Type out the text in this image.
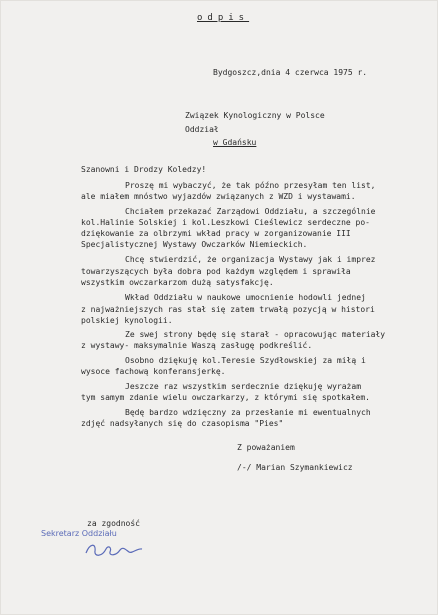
odpis
Bydgoszcz,dnia 4 czerwca 1975 r.
Związek Kynologiczny w Polsce
Oddział
w Gdańsku
Szanowni i Drodzy Koledzy!
Proszę mi wybaczyć, że tak późno przesyłam ten list,
ale miałem mnóstwo wyjazdów związanych z WZD i wystawami.
Chciałem przekazać Zarządowi Oddziału, a szczególnie
kol.Halinie Solskiej i kol.Leszkowi Cieślewicz serdeczne po-
dziękowanie za olbrzymi wkład pracy w zorganizowanie III
Specjalistycznej Wystawy Owczarków Niemieckich.
Chcę stwierdzić, że organizacja Wystawy jak i imprez
towarzyszących była dobra pod każdym względem i sprawiła
wszystkim owczarkarzom dużą satysfakcję.
Wkład Oddziału w naukowe umocnienie hodowli jednej
z najważniejszych ras stał się zatem trwałą pozycją w histori
polskiej kynologii.
Ze swej strony będę się starał - opracowując materiały
z wystawy- maksymalnie Waszą zasługę podkreślić.
Osobno dziękuję kol.Teresie Szydłowskiej za miłą i
wysoce fachową konferansjerkę.
Jeszcze raz wszystkim serdecznie dziękuję wyrażam
tym samym zdanie wielu owczarkarzy, z którymi się spotkałem.
Będę bardzo wdzięczny za przesłanie mi ewentualnych
zdjęć nadsyłanych się do czasopisma "Pies"
Z poważaniem
/-/ Marian Szymankiewicz
za zgodność
Sekretarz Oddziału
